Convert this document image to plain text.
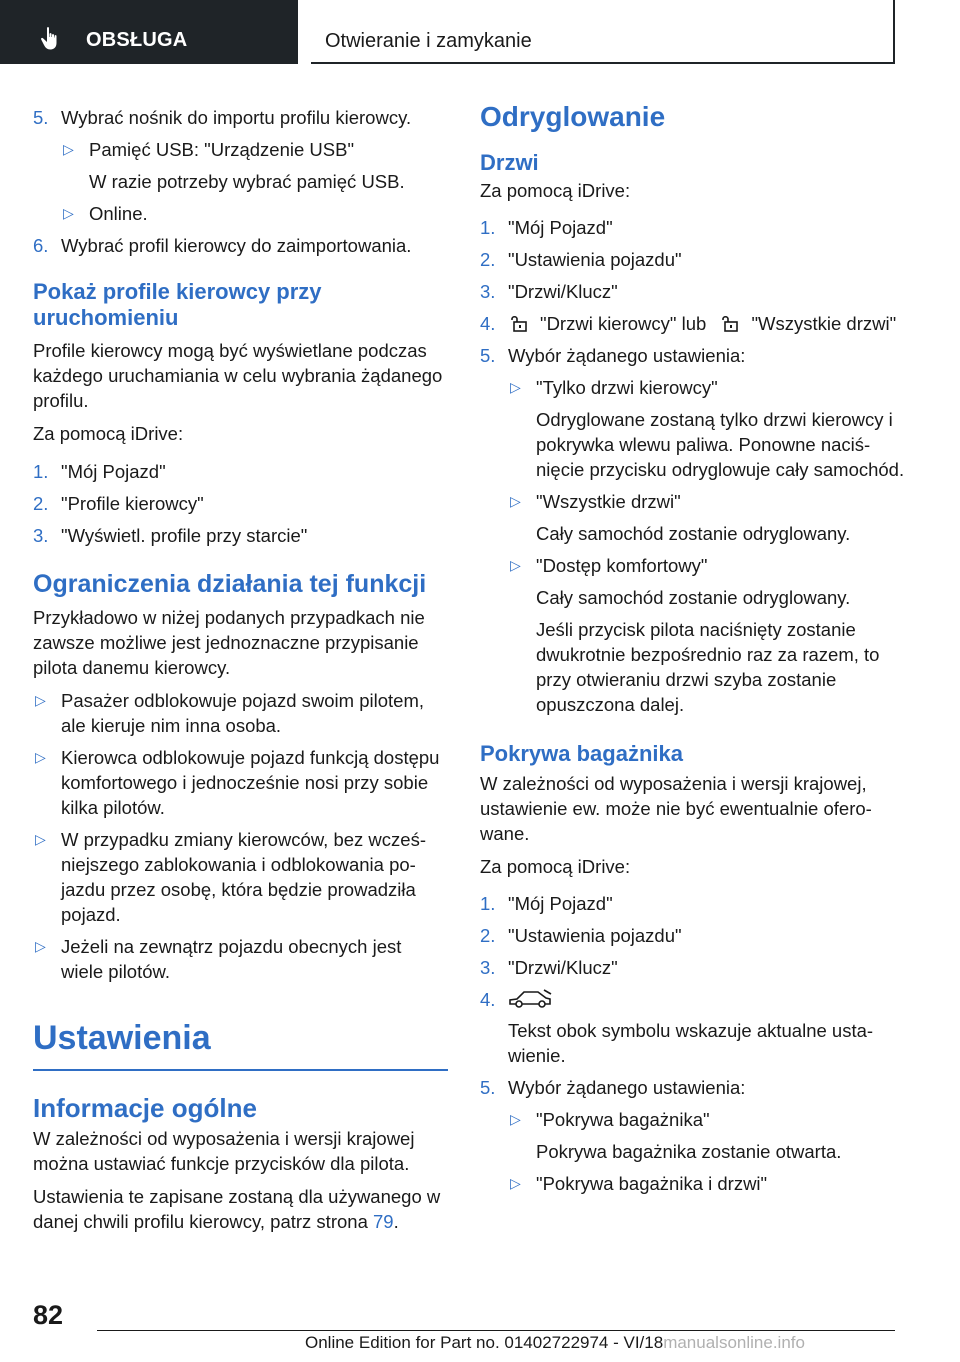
OBSŁUGA	Otwieranie i zamykanie
5. Wybrać nośnik do importu profilu kierowcy.
▷ Pamięć USB: "Urządzenie USB"
W razie potrzeby wybrać pamięć USB.
▷ Online.
6. Wybrać profil kierowcy do zaimportowania.
Pokaż profile kierowcy przy uruchomieniu

Profile kierowcy mogą być wyświetlane podczas każdego uruchamiania w celu wybrania żądanego profilu.

Za pomocą iDrive:

1. "Mój Pojazd"
2. "Profile kierowcy"
3. "Wyświetl. profile przy starcie"
Ograniczenia działania tej funkcji

Przykładowo w niżej podanych przypadkach nie zawsze możliwe jest jednoznaczne przypisanie pilota danemu kierowcy.

▷ Pasażer odblokowuje pojazd swoim pilotem, ale kieruje nim inna osoba.
▷ Kierowca odblokowuje pojazd funkcją dostępu komfortowego i jednocześnie nosi przy sobie kilka pilotów.
▷ W przypadku zmiany kierowców, bez wcześniejszego zablokowania i odblokowania pojazdu przez osobę, która będzie prowadziła pojazd.
▷ Jeżeli na zewnątrz pojazdu obecnych jest wiele pilotów.
Ustawienia
Informacje ogólne

W zależności od wyposażenia i wersji krajowej można ustawiać funkcje przycisków dla pilota.

Ustawienia te zapisane zostaną dla używanego w danej chwili profilu kierowcy, patrz strona 79.

Odryglowanie
Drzwi

Za pomocą iDrive:

1. "Mój Pojazd"
2. "Ustawienia pojazdu"
3. "Drzwi/Klucz"
4. "Drzwi kierowcy" lub "Wszystkie drzwi"
5. Wybór żądanego ustawienia:
▷ "Tylko drzwi kierowcy"
Odryglowane zostaną tylko drzwi kierowcy i pokrywka wlewu paliwa. Ponowne naciśnięcie przycisku odryglowuje cały samochód.
▷ "Wszystkie drzwi"
Cały samochód zostanie odryglowany.
▷ "Dostęp komfortowy"
Cały samochód zostanie odryglowany.
Jeśli przycisk pilota naciśnięty zostanie dwukrotnie bezpośrednio raz za razem, to przy otwieraniu drzwi szyba zostanie opuszczona dalej.
Pokrywa bagażnika

W zależności od wyposażenia i wersji krajowej, ustawienie ew. może nie być ewentualnie oferowane.

Za pomocą iDrive:

1. "Mój Pojazd"
2. "Ustawienia pojazdu"
3. "Drzwi/Klucz"
4.
Tekst obok symbolu wskazuje aktualne ustawienie.
5. Wybór żądanego ustawienia:
▷ "Pokrywa bagażnika"
Pokrywa bagażnika zostanie otwarta.
▷ "Pokrywa bagażnika i drzwi"
82
Online Edition for Part no. 01402722974 - VI/18manualsonline.info
